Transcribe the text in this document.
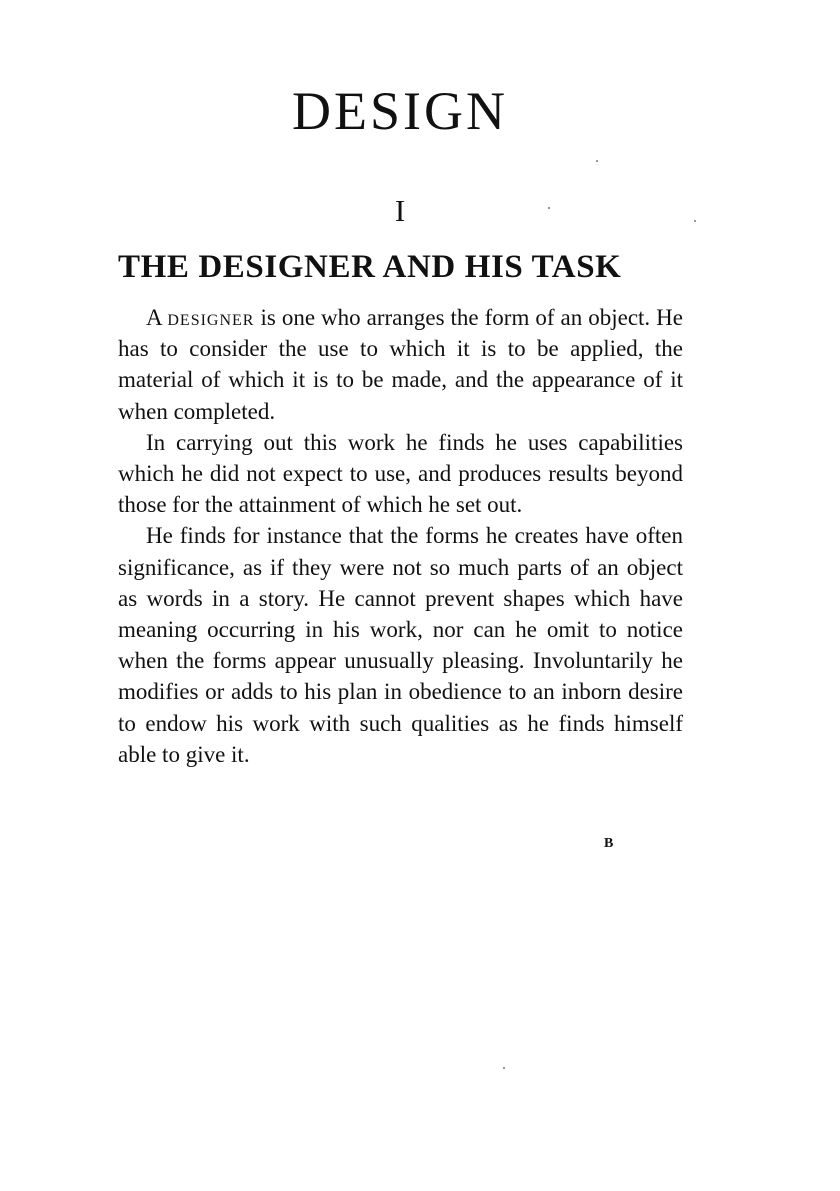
DESIGN
I
THE DESIGNER AND HIS TASK

A designer is one who arranges the form of an object. He has to consider the use to which it is to be applied, the material of which it is to be made, and the appearance of it when completed.

In carrying out this work he finds he uses capabilities which he did not expect to use, and produces results beyond those for the attainment of which he set out.

He finds for instance that the forms he creates have often significance, as if they were not so much parts of an object as words in a story. He cannot prevent shapes which have meaning occurring in his work, nor can he omit to notice when the forms appear unusually pleasing. Involuntarily he modifies or adds to his plan in obedience to an inborn desire to endow his work with such qualities as he finds himself able to give it.

B
